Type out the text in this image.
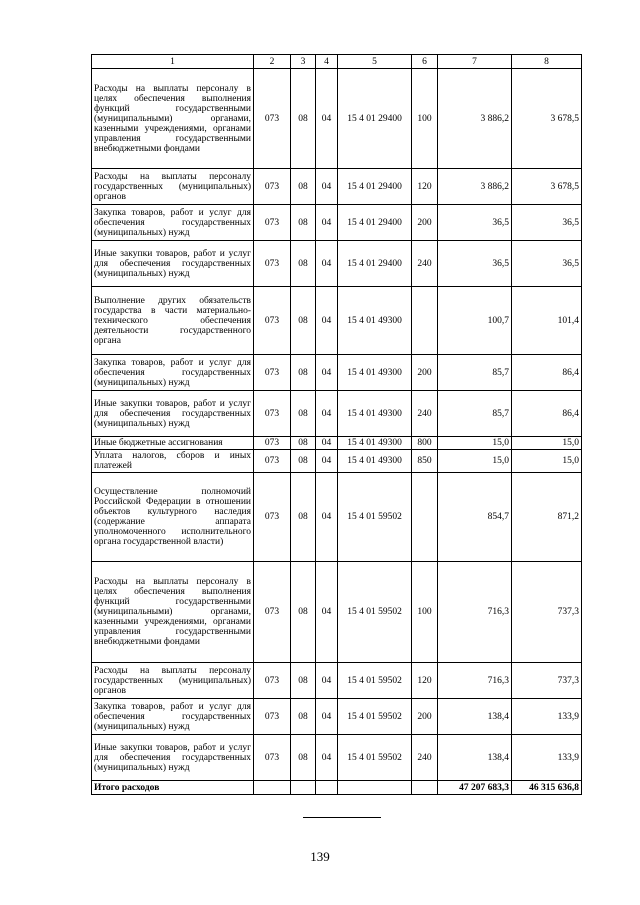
1	2	3	4	5	6	7	8
Расходы на выплаты персоналу в целях обеспечения выполнения функций государственными (муниципальными) органами, казенными учреждениями, органами управления государственными внебюджетными фондами	073	08	04	15 4 01 29400	100	3 886,2	3 678,5
Расходы на выплаты персоналу государственных (муниципальных) органов	073	08	04	15 4 01 29400	120	3 886,2	3 678,5
Закупка товаров, работ и услуг для обеспечения государственных (муниципальных) нужд	073	08	04	15 4 01 29400	200	36,5	36,5
Иные закупки товаров, работ и услуг для обеспечения государственных (муниципальных) нужд	073	08	04	15 4 01 29400	240	36,5	36,5
Выполнение других обязательств государства в части материально-технического обеспечения деятельности государственного органа	073	08	04	15 4 01 49300		100,7	101,4
Закупка товаров, работ и услуг для обеспечения государственных (муниципальных) нужд	073	08	04	15 4 01 49300	200	85,7	86,4
Иные закупки товаров, работ и услуг для обеспечения государственных (муниципальных) нужд	073	08	04	15 4 01 49300	240	85,7	86,4
Иные бюджетные ассигнования	073	08	04	15 4 01 49300	800	15,0	15,0
Уплата налогов, сборов и иных платежей	073	08	04	15 4 01 49300	850	15,0	15,0
Осуществление полномочий Российской Федерации в отношении объектов культурного наследия (содержание аппарата уполномоченного исполнительного органа государственной власти)	073	08	04	15 4 01 59502		854,7	871,2
Расходы на выплаты персоналу в целях обеспечения выполнения функций государственными (муниципальными) органами, казенными учреждениями, органами управления государственными внебюджетными фондами	073	08	04	15 4 01 59502	100	716,3	737,3
Расходы на выплаты персоналу государственных (муниципальных) органов	073	08	04	15 4 01 59502	120	716,3	737,3
Закупка товаров, работ и услуг для обеспечения государственных (муниципальных) нужд	073	08	04	15 4 01 59502	200	138,4	133,9
Иные закупки товаров, работ и услуг для обеспечения государственных (муниципальных) нужд	073	08	04	15 4 01 59502	240	138,4	133,9
Итого расходов						47 207 683,3	46 315 636,8
139
